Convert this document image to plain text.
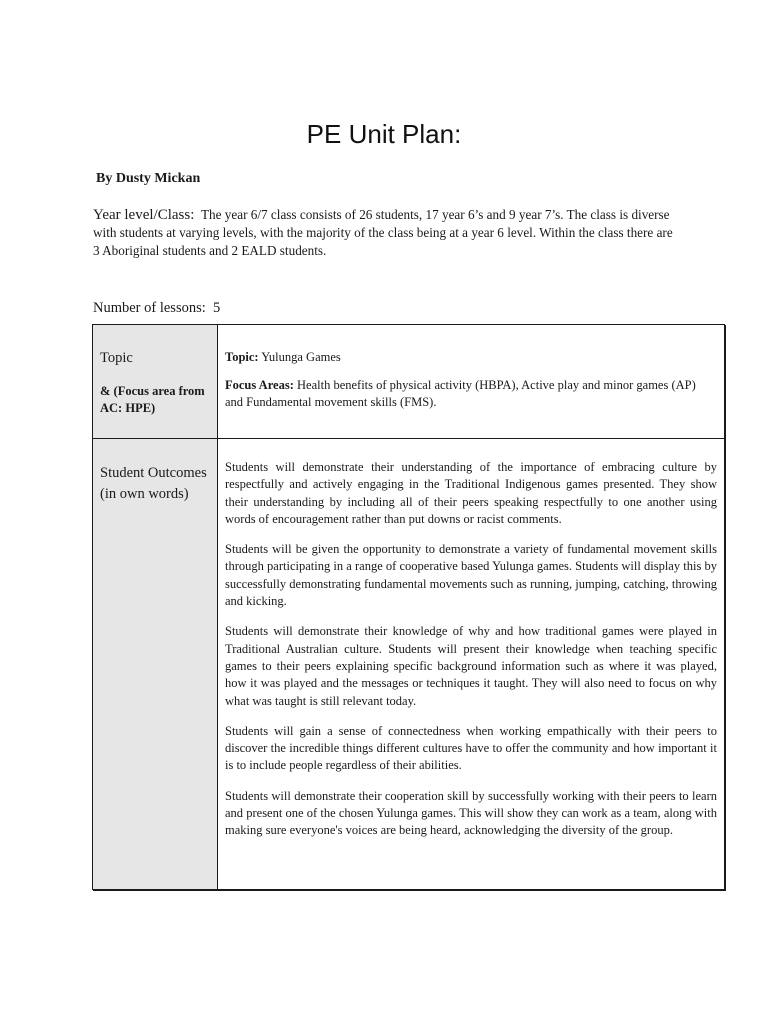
PE Unit Plan:
By Dusty Mickan
Year level/Class: The year 6/7 class consists of 26 students, 17 year 6’s and 9 year 7’s. The class is diverse with students at varying levels, with the majority of the class being at a year 6 level. Within the class there are 3 Aboriginal students and 2 EALD students.
Number of lessons: 5
Topic
& (Focus area from AC: HPE)
Topic: Yulunga Games
Focus Areas: Health benefits of physical activity (HBPA), Active play and minor games (AP) and Fundamental movement skills (FMS).
Student Outcomes (in own words)

Students will demonstrate their understanding of the importance of embracing culture by respectfully and actively engaging in the Traditional Indigenous games presented. They show their understanding by including all of their peers speaking respectfully to one another using words of encouragement rather than put downs or racist comments.

Students will be given the opportunity to demonstrate a variety of fundamental movement skills through participating in a range of cooperative based Yulunga games. Students will display this by successfully demonstrating fundamental movements such as running, jumping, catching, throwing and kicking.

Students will demonstrate their knowledge of why and how traditional games were played in Traditional Australian culture. Students will present their knowledge when teaching specific games to their peers explaining specific background information such as where it was played, how it was played and the messages or techniques it taught. They will also need to focus on why what was taught is still relevant today.

Students will gain a sense of connectedness when working empathically with their peers to discover the incredible things different cultures have to offer the community and how important it is to include people regardless of their abilities.

Students will demonstrate their cooperation skill by successfully working with their peers to learn and present one of the chosen Yulunga games. This will show they can work as a team, along with making sure everyone's voices are being heard, acknowledging the diversity of the group.
